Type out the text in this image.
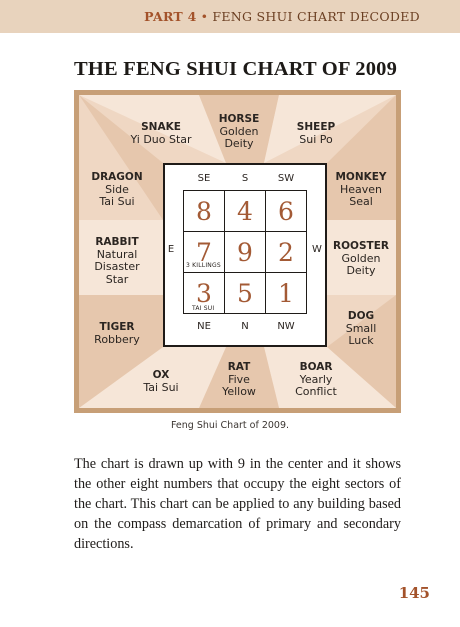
PART 4 • FENG SHUI CHART DECODED
THE FENG SHUI CHART OF 2009
SNAKE
Yi Duo Star
HORSE
Golden
Deity
SHEEP
Sui Po
DRAGON
Side
Tai Sui
MONKEY
Heaven
Seal
RABBIT
Natural
Disaster
Star
ROOSTER
Golden
Deity
TIGER
Robbery
DOG
Small
Luck
OX
Tai Sui
RAT
Five
Yellow
BOAR
Yearly
Conflict
SE	S	SW
E	W
NE	N	NW
8	4	6
7	9	2
3	5	1
3 KILLINGS
TAI SUI
Feng Shui Chart of 2009.

The chart is drawn up with 9 in the center and it shows the other eight numbers that occupy the eight sectors of the chart. This chart can be applied to any building based on the compass demarcation of primary and secondary directions.

145
